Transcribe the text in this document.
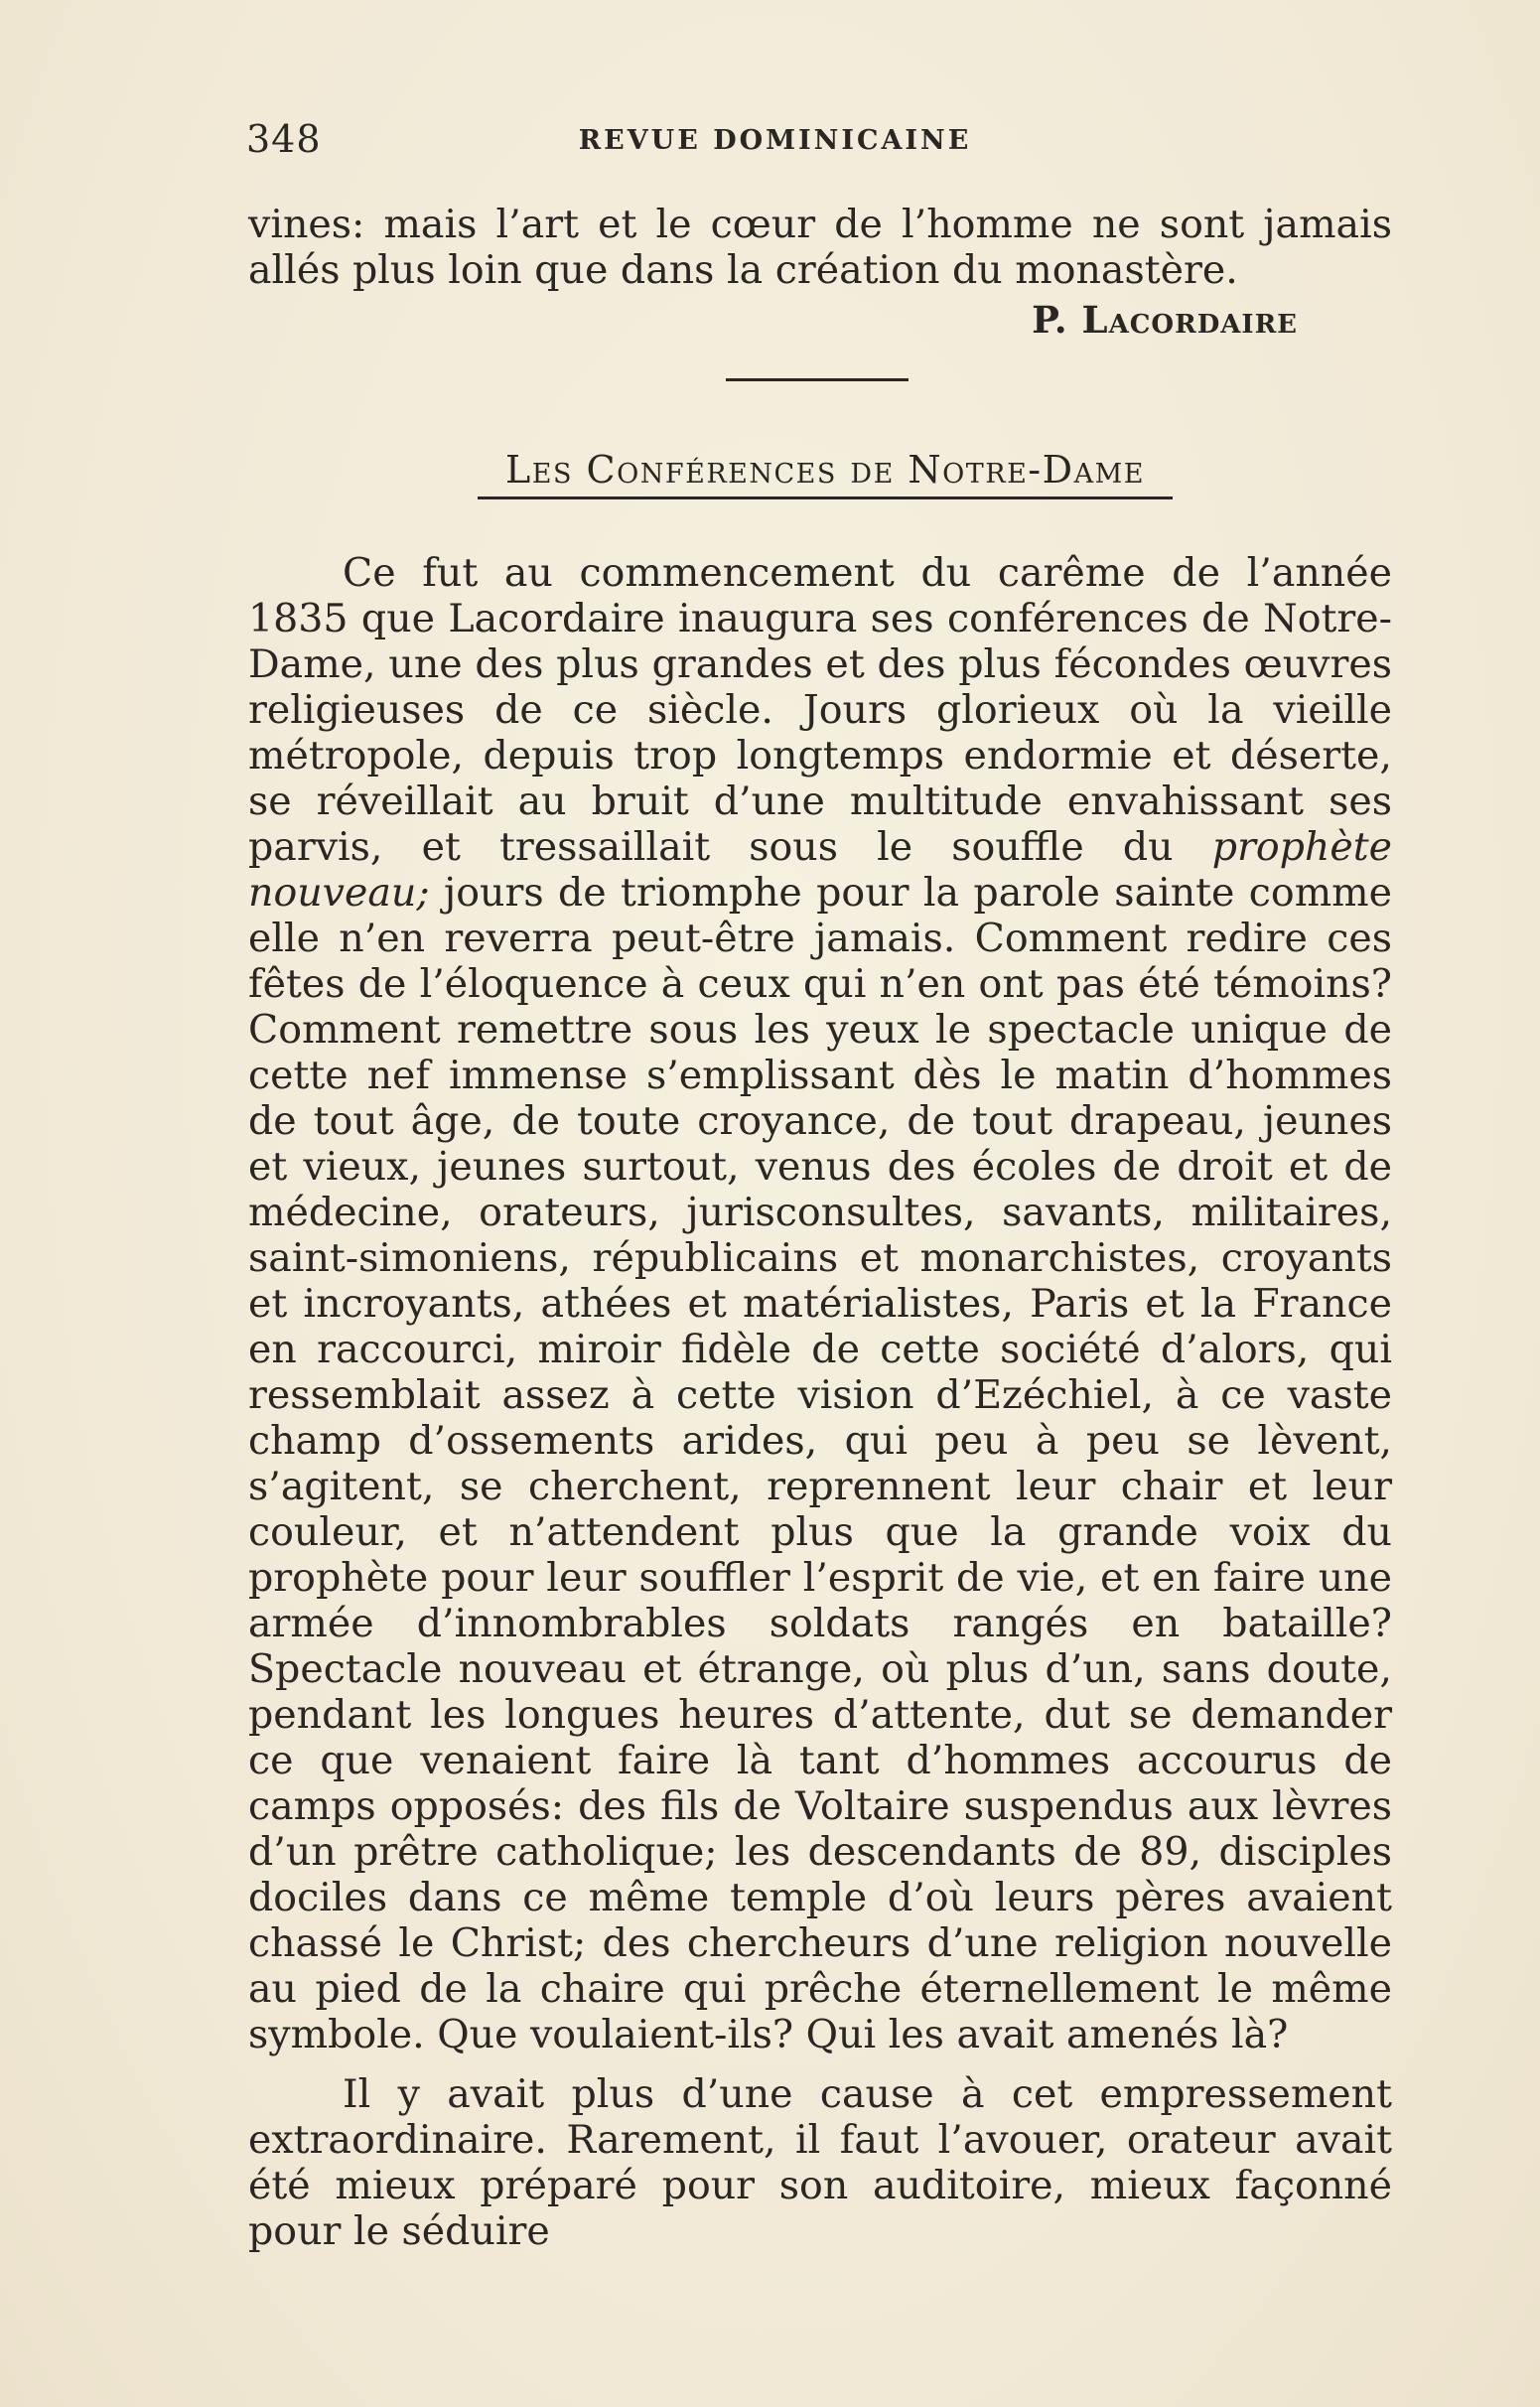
348	REVUE DOMINICAINE

vines: mais l’art et le cœur de l’homme ne sont jamais allés plus loin que dans la création du monastère.

P. Lacordaire
Les Conférences de Notre-Dame

Ce fut au commencement du carême de l’année 1835 que Lacordaire inaugura ses conférences de Notre-Dame, une des plus grandes et des plus fécondes œuvres religieuses de ce siècle. Jours glorieux où la vieille métropole, depuis trop longtemps endormie et déserte, se réveillait au bruit d’une multitude envahissant ses parvis, et tressaillait sous le souffle du prophète nouveau; jours de triomphe pour la parole sainte comme elle n’en reverra peut-être jamais. Comment redire ces fêtes de l’éloquence à ceux qui n’en ont pas été témoins? Comment remettre sous les yeux le spectacle unique de cette nef immense s’emplissant dès le matin d’hommes de tout âge, de toute croyance, de tout drapeau, jeunes et vieux, jeunes surtout, venus des écoles de droit et de médecine, orateurs, jurisconsultes, savants, militaires, saint-simoniens, républicains et monarchistes, croyants et incroyants, athées et matérialistes, Paris et la France en raccourci, miroir fidèle de cette société d’alors, qui ressemblait assez à cette vision d’Ezéchiel, à ce vaste champ d’ossements arides, qui peu à peu se lèvent, s’agitent, se cherchent, reprennent leur chair et leur couleur, et n’attendent plus que la grande voix du prophète pour leur souffler l’esprit de vie, et en faire une armée d’innombrables soldats rangés en bataille? Spectacle nouveau et étrange, où plus d’un, sans doute, pendant les longues heures d’attente, dut se demander ce que venaient faire là tant d’hommes accourus de camps opposés: des fils de Voltaire suspendus aux lèvres d’un prêtre catholique; les descendants de 89, disciples dociles dans ce même temple d’où leurs pères avaient chassé le Christ; des chercheurs d’une religion nouvelle au pied de la chaire qui prêche éternellement le même symbole. Que voulaient-ils? Qui les avait amenés là?

Il y avait plus d’une cause à cet empressement extraordinaire. Rarement, il faut l’avouer, orateur avait été mieux préparé pour son auditoire, mieux façonné pour le séduire
